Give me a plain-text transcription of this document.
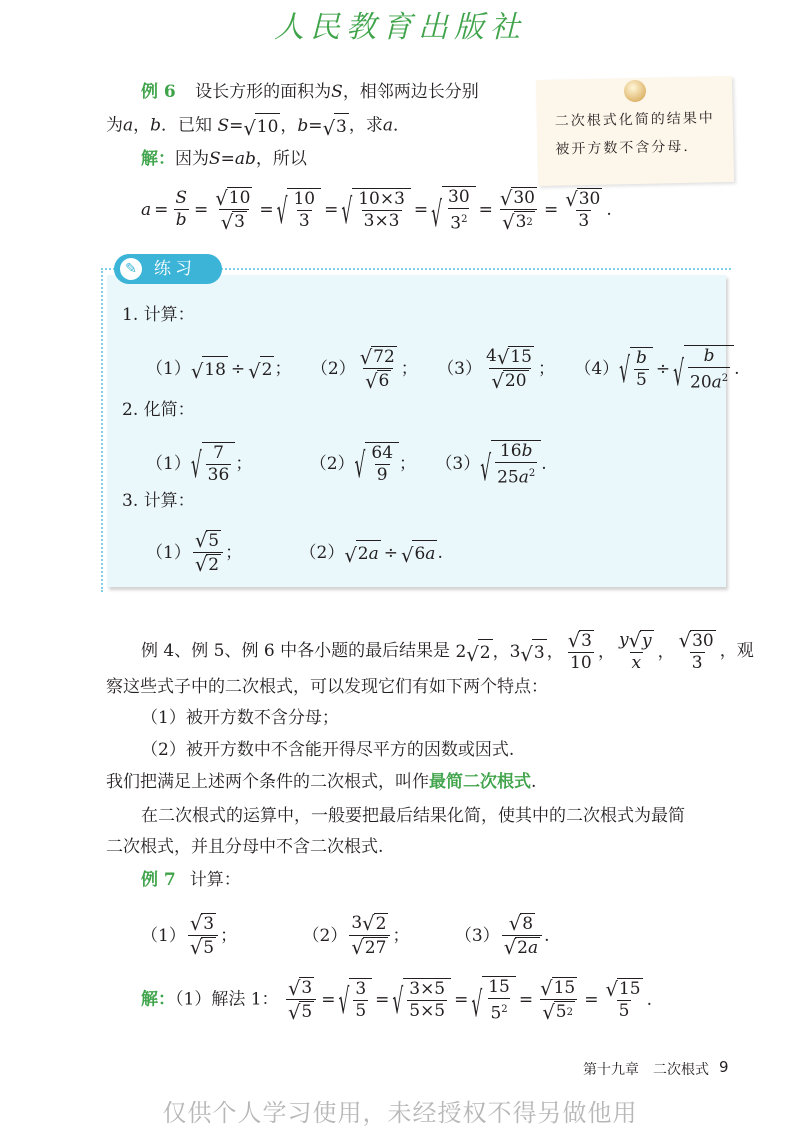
人民教育出版社
二次根式化简的结果中被开方数不含分母.
例 6 设长方形的面积为S，相邻两边长分别
为a，b．已知 S= √ 10 ， b= √ 3 ，求a．
解：因为S=ab，所以
$a = \frac{S}{b} = \frac{√ 10}{√ 3}$ = √ $\frac{10}{3}$ = √ $\frac{10\times 3}{3\times 3}$ = √ $\frac{30}{3^2} = \frac{√ 30}{√ 3 2} = \frac{√ 30}{3}$ .
✎	练习
1. 计算：
（1） √ 18 ÷ √ 2 ； $(2) \frac{√ 72}{√ 6}$ ； $(3) \frac{4 √ 15}{√ 20}$ ； （4） √ $\frac{b}{5}$ ÷ √ $\frac{b}{20a^2}$ .
2. 化简：
（1） √ $\frac{7}{36}$ ；	（2） √ $\frac{64}{9}$ ； （3） √ $\frac{16b}{25a^2}$ .
3. 计算：
$(1) \frac{√ 5}{√ 2}$ ；	（2） √ 2 a ÷ √ 6 a .
例 4、例 5、例 6 中各小题的最后结果是 2 √ 2 ，3 √ 3 ， $\frac{√ 3}{10}$ ， $\frac{y √ y}{x}$ ， $\frac{√ 30}{3}$ ，观
察这些式子中的二次根式，可以发现它们有如下两个特点：
（1）被开方数不含分母；
（2）被开方数中不含能开得尽平方的因数或因式.
我们把满足上述两个条件的二次根式，叫作最简二次根式.
在二次根式的运算中，一般要把最后结果化简，使其中的二次根式为最简
二次根式，并且分母中不含二次根式.
例 7 计算：
$(1) \frac{√ 3}{√ 5}$ ；	$(2) \frac{3 √ 2}{√ 27}$ ；	$(3) \frac{√ 8}{√ 2 a}$ .
解：（1）解法 1： $\frac{√ 3}{√ 5}$ = √ $\frac{3}{5}$ = √ $\frac{3\times 5}{5\times 5}$ = √ $\frac{15}{5^2} = \frac{√ 15}{√ 5 2} = \frac{√ 15}{5}$ .
第十九章　二次根式 9
仅供个人学习使用，未经授权不得另做他用
